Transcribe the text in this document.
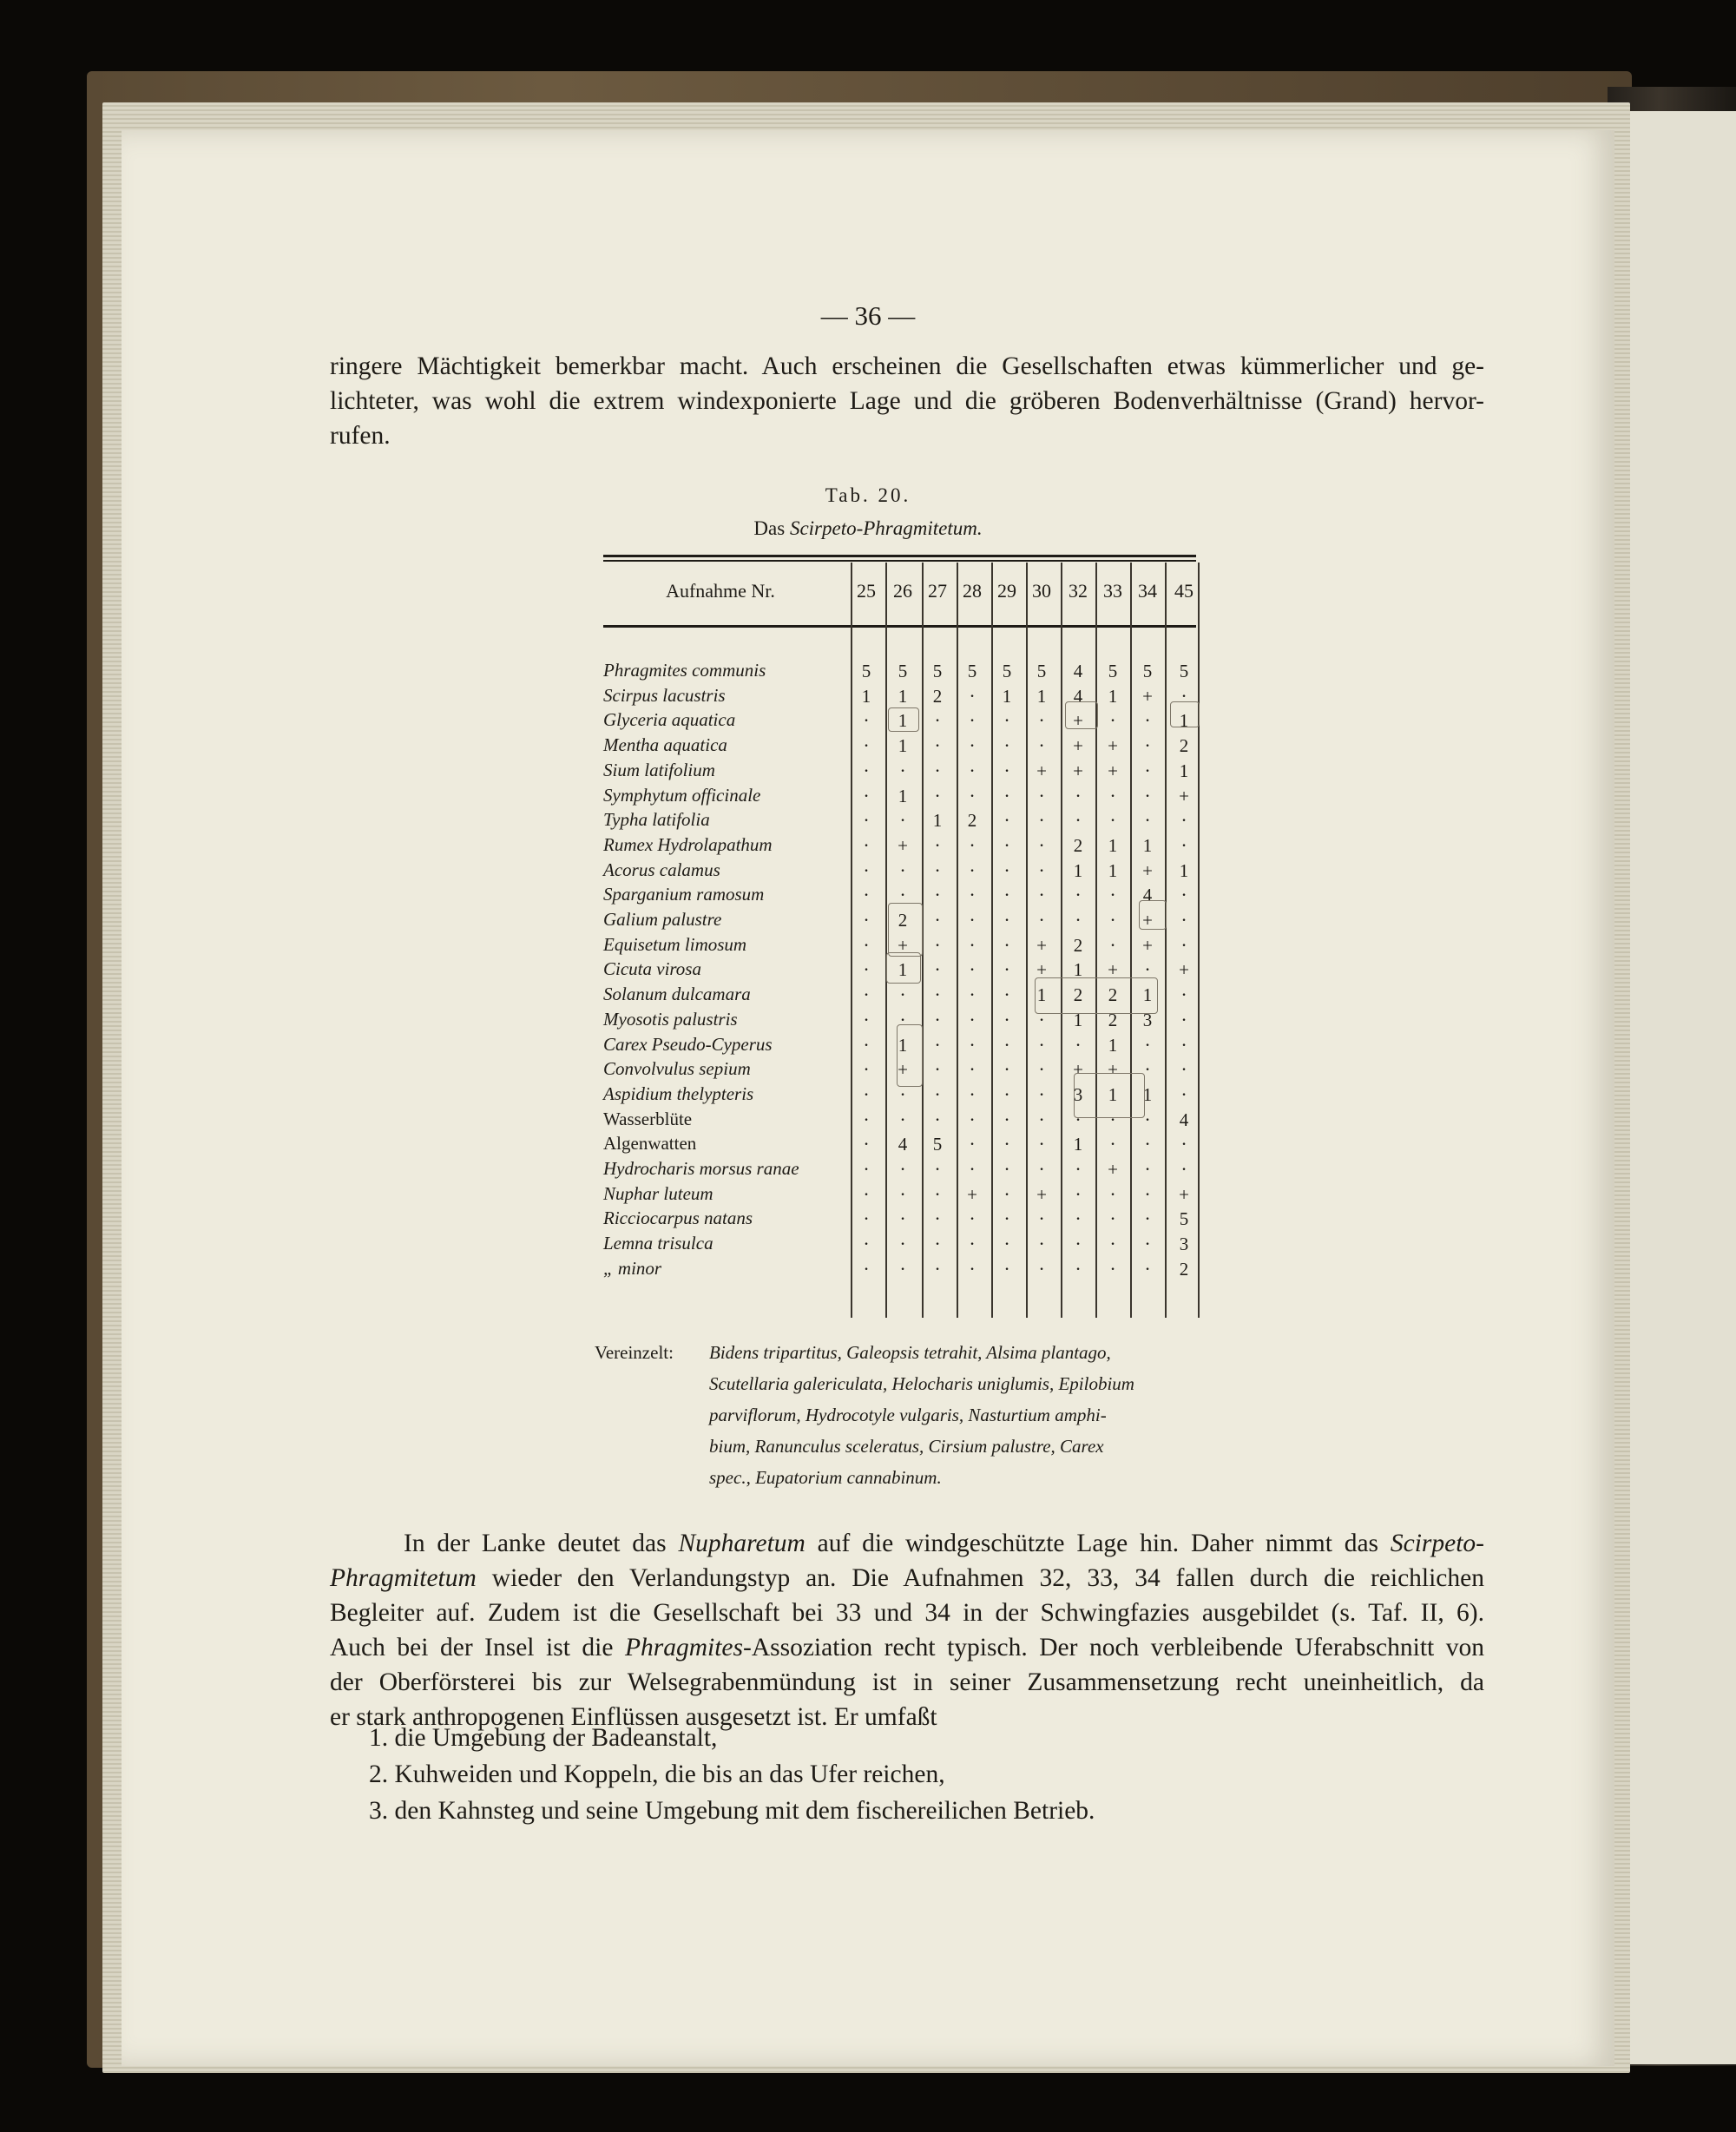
— 36 —
ringere Mächtigkeit bemerkbar macht. Auch erscheinen die Gesellschaften etwas kümmerlicher und ge-
lichteter, was wohl die extrem windexponierte Lage und die gröberen Bodenverhältnisse (Grand) hervor-
rufen.
Tab. 20.
Das Scirpeto-Phragmitetum.
Aufnahme Nr.	25 26 27 28 29 30 32 33 34 45
Phragmites communis	5	5	5	5	5	5	4	5	5	5
Scirpus lacustris	1	1	2	·	1	1	4	1	+	·
Glyceria aquatica	·	1	·	·	·	·	+	·	·	1
Mentha aquatica	·	1	·	·	·	·	+	+	·	2
Sium latifolium	·	·	·	·	·	+	+	+	·	1
Symphytum officinale	·	1	·	·	·	·	·	·	·	+
Typha latifolia	·	·	1	2	·	·	·	·	·	·
Rumex Hydrolapathum	·	+	·	·	·	·	2	1	1	·
Acorus calamus	·	·	·	·	·	·	1	1	+	1
Sparganium ramosum	·	·	·	·	·	·	·	·	4	·
Galium palustre	·	2	·	·	·	·	·	·	+	·
Equisetum limosum	·	+	·	·	·	+	2	·	+	·
Cicuta virosa	·	1	·	·	·	+	1	+	·	+
Solanum dulcamara	·	·	·	·	·	1	2	2	1	·
Myosotis palustris	·	·	·	·	·	·	1	2	3	·
Carex Pseudo-Cyperus	·	1	·	·	·	·	·	1	·	·
Convolvulus sepium	·	+	·	·	·	·	+	+	·	·
Aspidium thelypteris	·	·	·	·	·	·	3	1	1	·
Wasserblüte	·	·	·	·	·	·	·	·	·	4
Algenwatten	·	4	5	·	·	·	1	·	·	·
Hydrocharis morsus ranae	·	·	·	·	·	·	·	+	·	·
Nuphar luteum	·	·	·	+	·	+	·	·	·	+
Ricciocarpus natans	·	·	·	·	·	·	·	·	·	5
Lemna trisulca	·	·	·	·	·	·	·	·	·	3
„ minor	·	·	·	·	·	·	·	·	·	2
Vereinzelt: Bidens tripartitus, Galeopsis tetrahit, Alsima plantago,
Scutellaria galericulata, Helocharis uniglumis, Epilobium
parviflorum, Hydrocotyle vulgaris, Nasturtium amphi-
bium, Ranunculus sceleratus, Cirsium palustre, Carex
spec., Eupatorium cannabinum.
In der Lanke deutet das Nupharetum auf die windgeschützte Lage hin. Daher nimmt das Scirpeto-
Phragmitetum wieder den Verlandungstyp an. Die Aufnahmen 32, 33, 34 fallen durch die reichlichen
Begleiter auf. Zudem ist die Gesellschaft bei 33 und 34 in der Schwingfazies ausgebildet (s. Taf. II, 6).
Auch bei der Insel ist die Phragmites-Assoziation recht typisch. Der noch verbleibende Uferabschnitt von
der Oberförsterei bis zur Welsegrabenmündung ist in seiner Zusammensetzung recht uneinheitlich, da
er stark anthropogenen Einflüssen ausgesetzt ist. Er umfaßt
1. die Umgebung der Badeanstalt,
2. Kuhweiden und Koppeln, die bis an das Ufer reichen,
3. den Kahnsteg und seine Umgebung mit dem fischereilichen Betrieb.
